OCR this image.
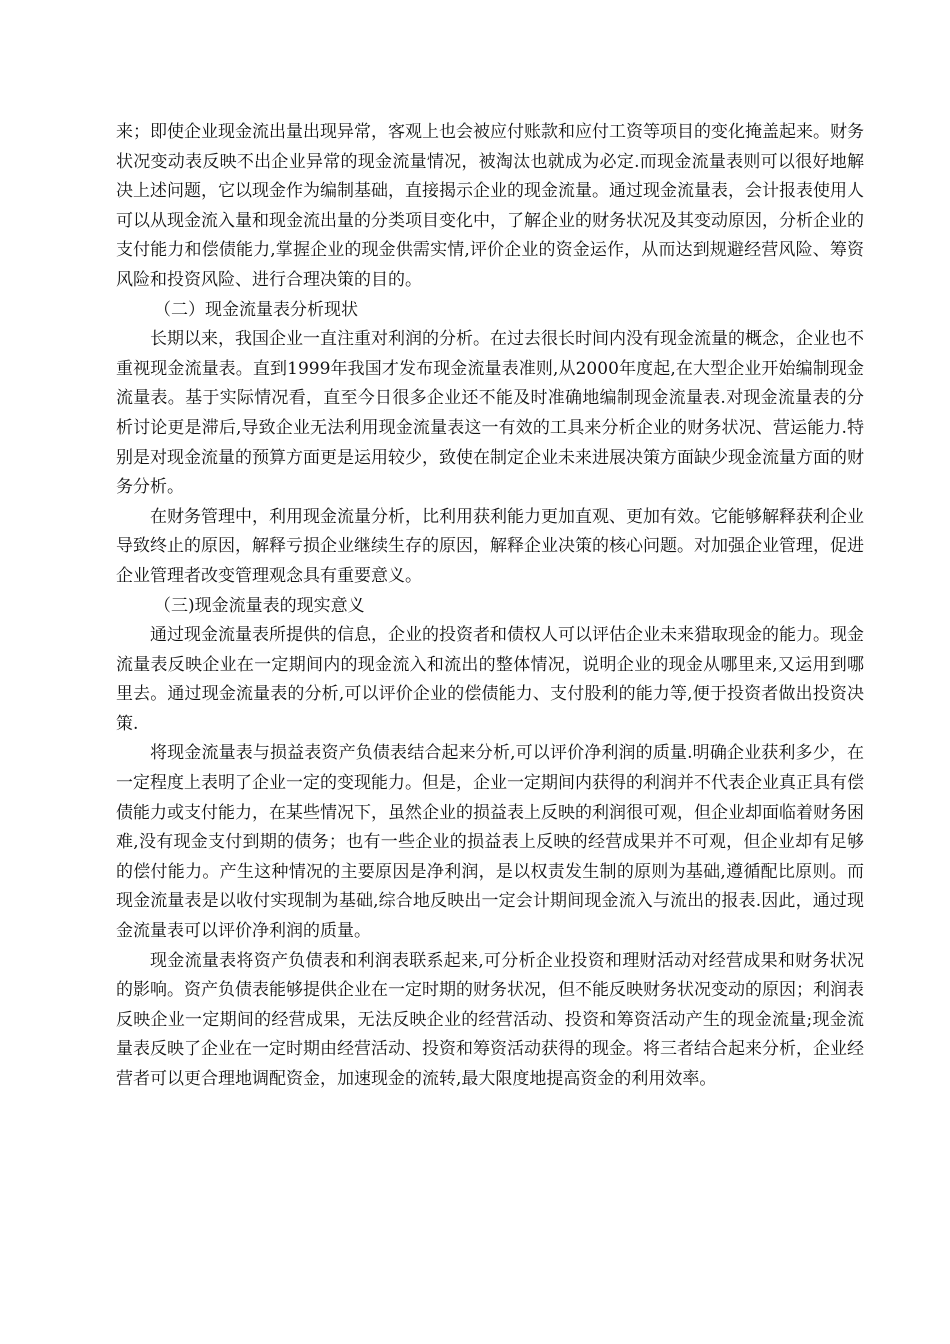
来；即使企业现金流出量出现异常，客观上也会被应付账款和应付工资等项目的变化掩盖起来。财务状况变动表反映不出企业异常的现金流量情况，被淘汰也就成为必定.而现金流量表则可以很好地解决上述问题，它以现金作为编制基础，直接揭示企业的现金流量。通过现金流量表，会计报表使用人可以从现金流入量和现金流出量的分类项目变化中，了解企业的财务状况及其变动原因，分析企业的支付能力和偿债能力,掌握企业的现金供需实情,评价企业的资金运作，从而达到规避经营风险、筹资风险和投资风险、进行合理决策的目的。

（二）现金流量表分析现状

长期以来，我国企业一直注重对利润的分析。在过去很长时间内没有现金流量的概念，企业也不重视现金流量表。直到1999年我国才发布现金流量表准则,从2000年度起,在大型企业开始编制现金流量表。基于实际情况看，直至今日很多企业还不能及时准确地编制现金流量表.对现金流量表的分析讨论更是滞后,导致企业无法利用现金流量表这一有效的工具来分析企业的财务状况、营运能力.特别是对现金流量的预算方面更是运用较少，致使在制定企业未来进展决策方面缺少现金流量方面的财务分析。

在财务管理中，利用现金流量分析，比利用获利能力更加直观、更加有效。它能够解释获利企业导致终止的原因，解释亏损企业继续生存的原因，解释企业决策的核心问题。对加强企业管理，促进企业管理者改变管理观念具有重要意义。

（三)现金流量表的现实意义

通过现金流量表所提供的信息，企业的投资者和债权人可以评估企业未来猎取现金的能力。现金流量表反映企业在一定期间内的现金流入和流出的整体情况，说明企业的现金从哪里来,又运用到哪里去。通过现金流量表的分析,可以评价企业的偿债能力、支付股利的能力等,便于投资者做出投资决策.

将现金流量表与损益表资产负债表结合起来分析,可以评价净利润的质量.明确企业获利多少，在一定程度上表明了企业一定的变现能力。但是，企业一定期间内获得的利润并不代表企业真正具有偿债能力或支付能力，在某些情况下，虽然企业的损益表上反映的利润很可观，但企业却面临着财务困难,没有现金支付到期的债务；也有一些企业的损益表上反映的经营成果并不可观，但企业却有足够的偿付能力。产生这种情况的主要原因是净利润，是以权责发生制的原则为基础,遵循配比原则。而现金流量表是以收付实现制为基础,综合地反映出一定会计期间现金流入与流出的报表.因此，通过现金流量表可以评价净利润的质量。

现金流量表将资产负债表和利润表联系起来,可分析企业投资和理财活动对经营成果和财务状况的影响。资产负债表能够提供企业在一定时期的财务状况，但不能反映财务状况变动的原因；利润表反映企业一定期间的经营成果，无法反映企业的经营活动、投资和筹资活动产生的现金流量;现金流量表反映了企业在一定时期由经营活动、投资和筹资活动获得的现金。将三者结合起来分析，企业经营者可以更合理地调配资金，加速现金的流转,最大限度地提高资金的利用效率。
